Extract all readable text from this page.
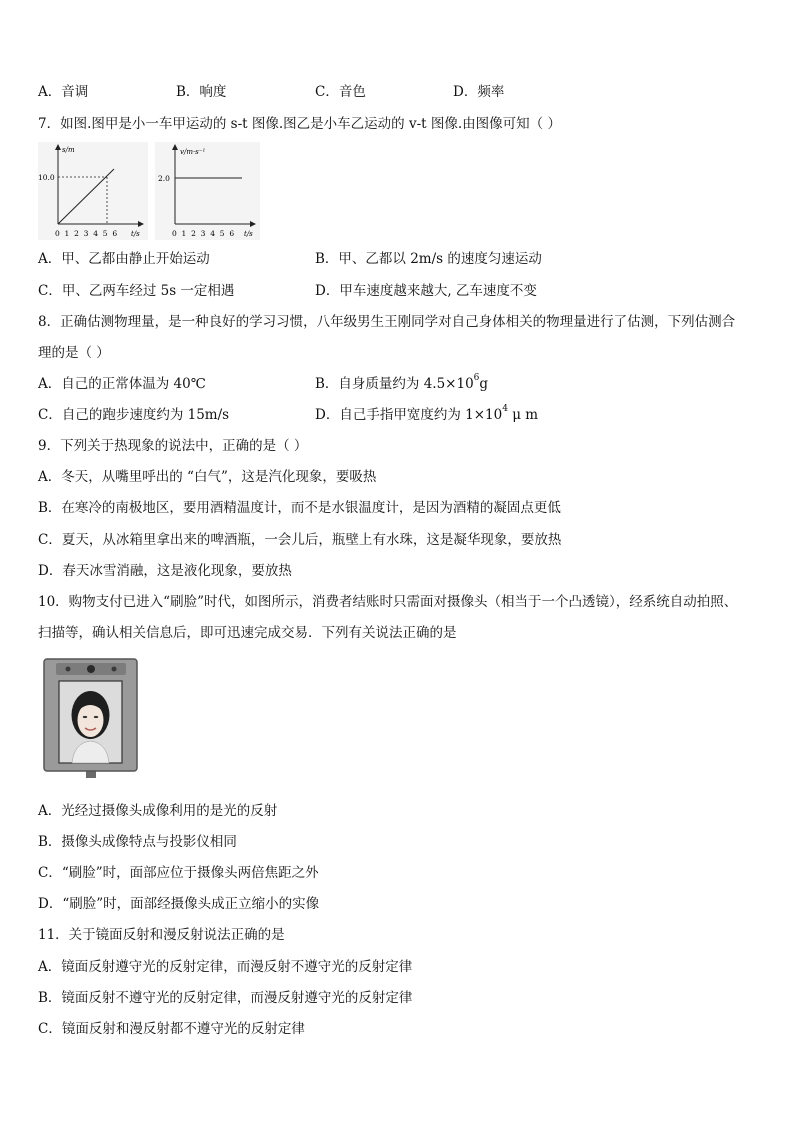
A．音调	B．响度	C．音色	D．频率
7．如图.图甲是小一车甲运动的 s-t 图像.图乙是小车乙运动的 v-t 图像.由图像可知（ ）
s/m
10.0
0 1 2 3 4 5 6 t/s
v/m·s⁻¹
2.0
0 1 2 3 4 5 6 t/s
A．甲、乙都由静止开始运动	B．甲、乙都以 2m/s 的速度匀速运动
C．甲、乙两车经过 5s 一定相遇	D．甲车速度越来越大, 乙车速度不变
8．正确估测物理量，是一种良好的学习习惯，八年级男生王刚同学对自己身体相关的物理量进行了估测，下列估测合
理的是（ ）
A．自己的正常体温为 40℃	B．自身质量约为 $4.5\times 10^6g$
C．自己的跑步速度约为 15m/s	D．自己手指甲宽度约为 $1\times 10^4$ μ m
9．下列关于热现象的说法中，正确的是（ ）
A．冬天，从嘴里呼出的 “白气”，这是汽化现象，要吸热
B．在寒冷的南极地区，要用酒精温度计，而不是水银温度计，是因为酒精的凝固点更低
C．夏天，从冰箱里拿出来的啤酒瓶，一会儿后，瓶壁上有水珠，这是凝华现象，要放热
D．春天冰雪消融，这是液化现象，要放热
10．购物支付已进入“刷脸”时代，如图所示，消费者结账时只需面对摄像头（相当于一个凸透镜），经系统自动拍照、
扫描等，确认相关信息后，即可迅速完成交易．下列有关说法正确的是
A．光经过摄像头成像利用的是光的反射
B．摄像头成像特点与投影仪相同
C．“刷脸”时，面部应位于摄像头两倍焦距之外
D．“刷脸”时，面部经摄像头成正立缩小的实像
11．关于镜面反射和漫反射说法正确的是
A．镜面反射遵守光的反射定律，而漫反射不遵守光的反射定律
B．镜面反射不遵守光的反射定律，而漫反射遵守光的反射定律
C．镜面反射和漫反射都不遵守光的反射定律
